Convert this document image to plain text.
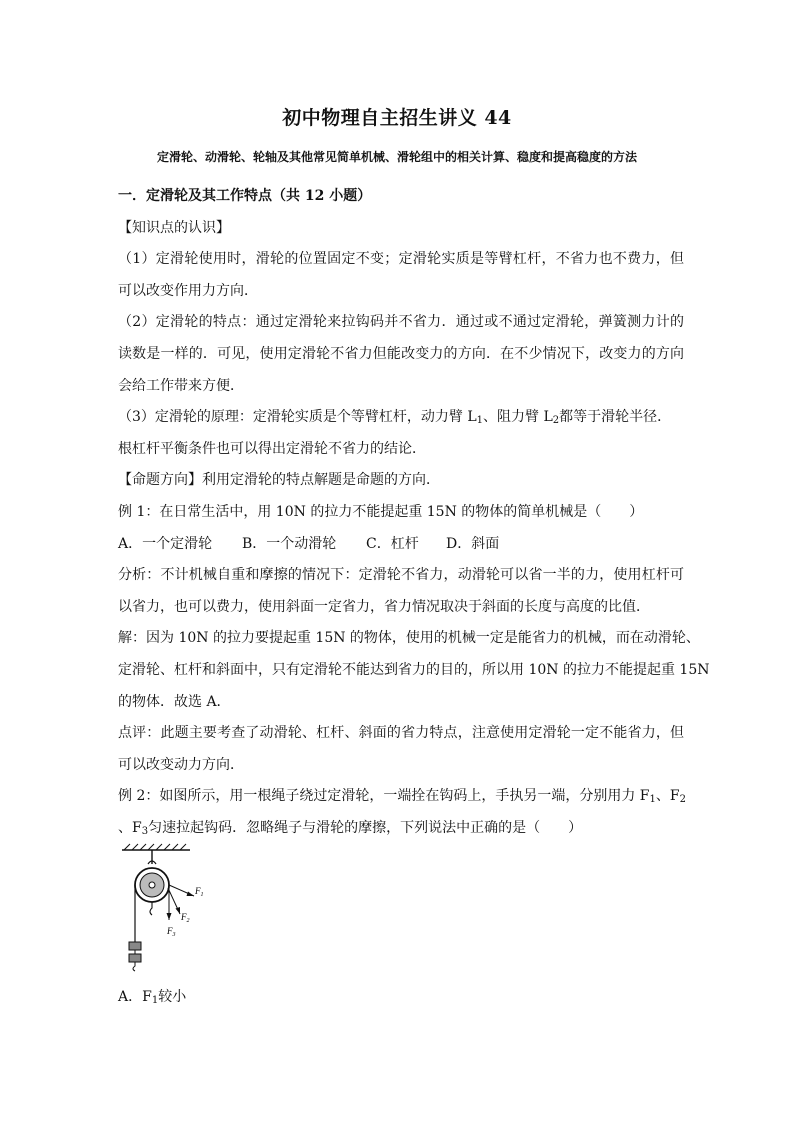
初中物理自主招生讲义 44
定滑轮、动滑轮、轮轴及其他常见简单机械、滑轮组中的相关计算、稳度和提高稳度的方法
一．定滑轮及其工作特点（共 12 小题）
【知识点的认识】
（1）定滑轮使用时，滑轮的位置固定不变；定滑轮实质是等臂杠杆，不省力也不费力，但
可以改变作用力方向．
（2）定滑轮的特点：通过定滑轮来拉钩码并不省力．通过或不通过定滑轮，弹簧测力计的
读数是一样的．可见，使用定滑轮不省力但能改变力的方向．在不少情况下，改变力的方向
会给工作带来方便．
（3）定滑轮的原理：定滑轮实质是个等臂杠杆，动力臂 $L_1$、阻力臂 $L_2$都等于滑轮半径．
根杠杆平衡条件也可以得出定滑轮不省力的结论．
【命题方向】利用定滑轮的特点解题是命题的方向．
例 1：在日常生活中，用 10N 的拉力不能提起重 15N 的物体的简单机械是（　　）
A．一个定滑轮 B．一个动滑轮 C．杠杆 D．斜面
分析：不计机械自重和摩擦的情况下：定滑轮不省力，动滑轮可以省一半的力，使用杠杆可
以省力，也可以费力，使用斜面一定省力，省力情况取决于斜面的长度与高度的比值．
解：因为 10N 的拉力要提起重 15N 的物体，使用的机械一定是能省力的机械，而在动滑轮、
定滑轮、杠杆和斜面中，只有定滑轮不能达到省力的目的，所以用 10N 的拉力不能提起重 15N
的物体．故选 A．
点评：此题主要考查了动滑轮、杠杆、斜面的省力特点，注意使用定滑轮一定不能省力，但
可以改变动力方向．
例 2：如图所示，用一根绳子绕过定滑轮，一端拴在钩码上，手执另一端，分别用力 $F_1$、$F_2$
、$F_3$匀速拉起钩码．忽略绳子与滑轮的摩擦，下列说法中正确的是（　　）
$F_1$
$F_2$
$F_3$
A．$F_1$较小
